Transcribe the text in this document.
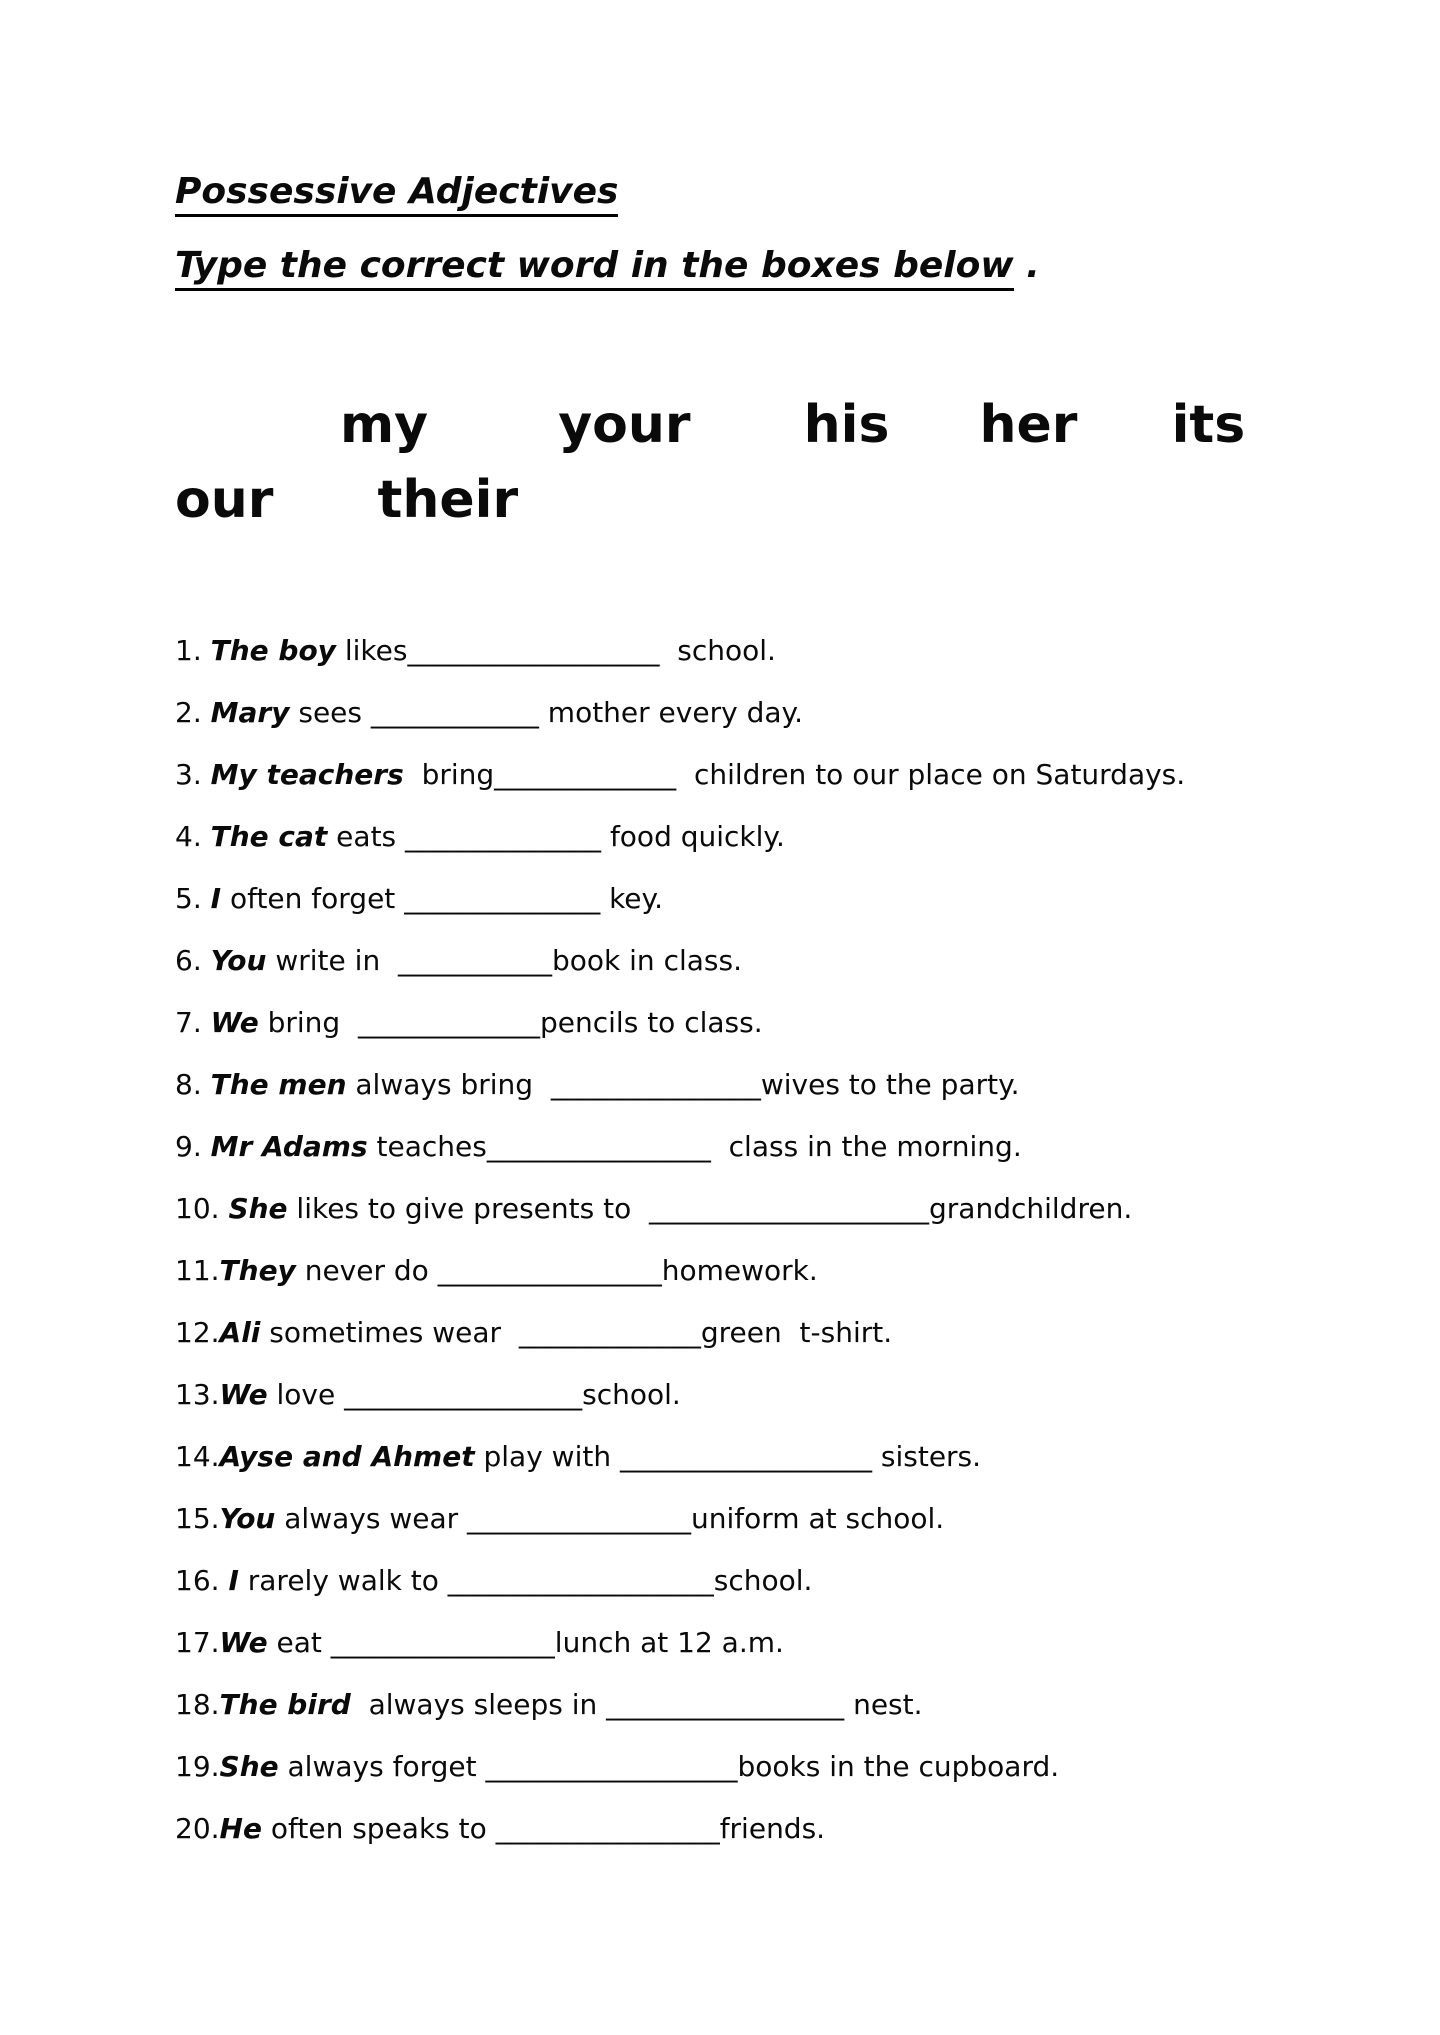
Possessive Adjectives
Type the correct word in the boxes below .
my	your his her its
our their
1. The boy likes__________________  school.
2. Mary sees ____________ mother every day.
3. My teachers  bring_____________  children to our place on Saturdays.
4. The cat eats ______________ food quickly.
5. I often forget ______________ key.
6. You write in  ___________book in class.
7. We bring  _____________pencils to class.
8. The men always bring  _______________wives to the party.
9. Mr Adams teaches________________  class in the morning.
10. She likes to give presents to  ____________________grandchildren.
11.They never do ________________homework.
12.Ali sometimes wear  _____________green  t-shirt.
13.We love _________________school.
14.Ayse and Ahmet play with __________________ sisters.
15.You always wear ________________uniform at school.
16. I rarely walk to ___________________school.
17.We eat ________________lunch at 12 a.m.
18.The bird  always sleeps in _________________ nest.
19.She always forget __________________books in the cupboard.
20.He often speaks to ________________friends.
